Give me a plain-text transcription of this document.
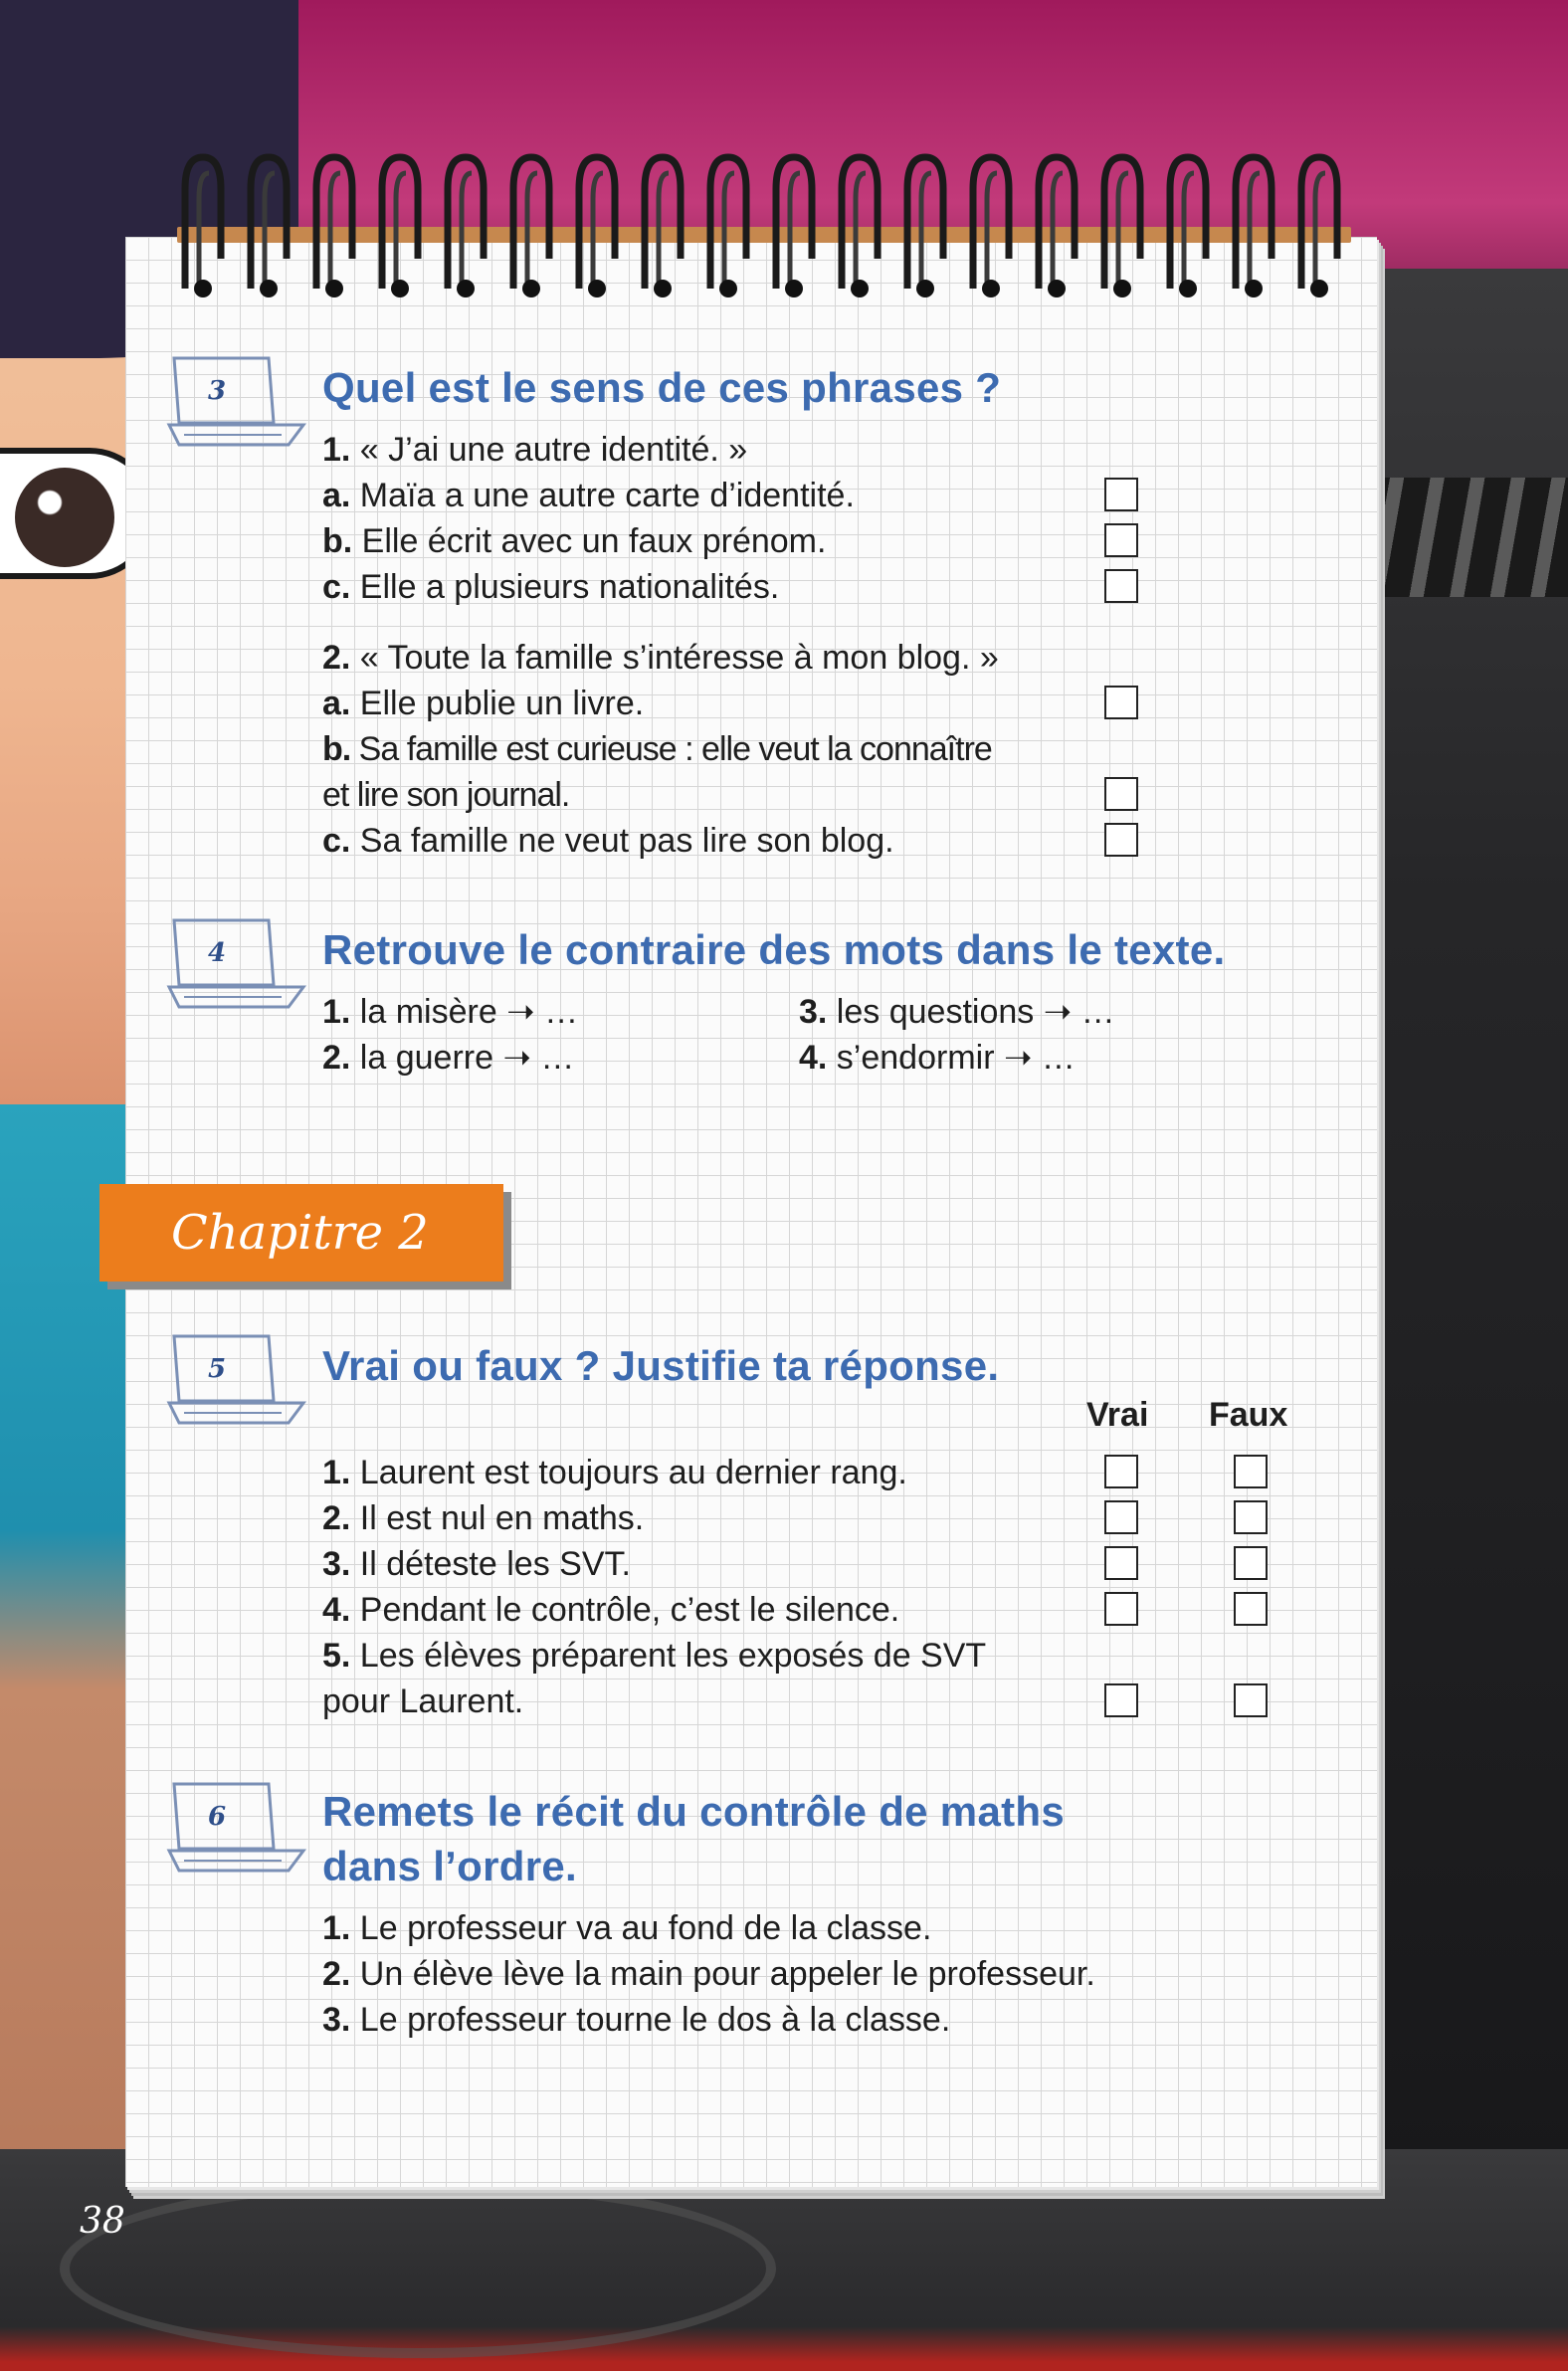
3	Quel est le sens de ces phrases ?
1. « J’ai une autre identité. »
a. Maïa a une autre carte d’identité.
b. Elle écrit avec un faux prénom.
c. Elle a plusieurs nationalités.
2. « Toute la famille s’intéresse à mon blog. »
a. Elle publie un livre.
b. Sa famille est curieuse : elle veut la connaître
et lire son journal.
c. Sa famille ne veut pas lire son blog.
4	Retrouve le contraire des mots dans le texte.
1. la misère ➝ …
2. la guerre ➝ …
3. les questions ➝ …
4. s’endormir ➝ …
Chapitre 2
5	Vrai ou faux ? Justifie ta réponse.
Vrai Faux
1. Laurent est toujours au dernier rang.
2. Il est nul en maths.
3. Il déteste les SVT.
4. Pendant le contrôle, c’est le silence.
5. Les élèves préparent les exposés de SVT
pour Laurent.
6	Remets le récit du contrôle de maths
dans l’ordre.
1. Le professeur va au fond de la classe.
2. Un élève lève la main pour appeler le professeur.
3. Le professeur tourne le dos à la classe.
38
